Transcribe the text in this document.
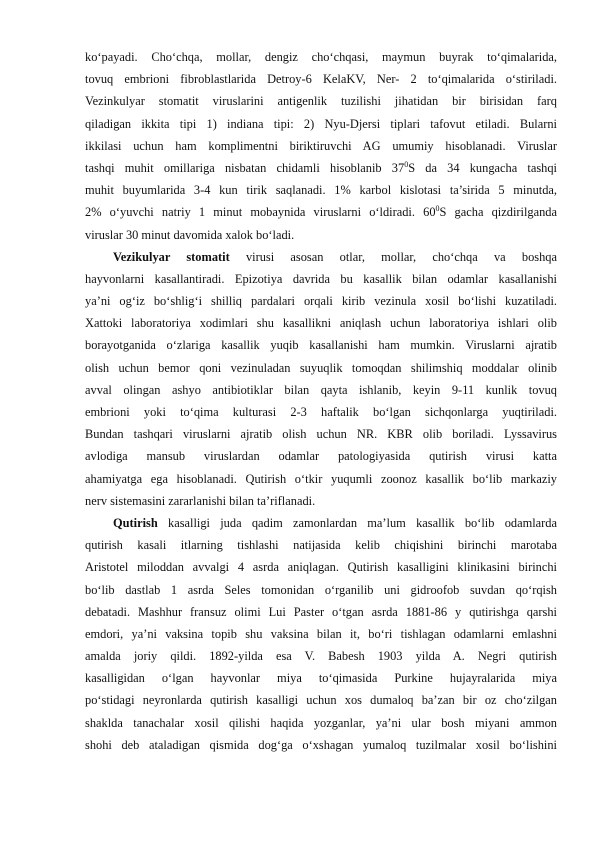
ko‘payadi. Cho‘chqa, mollar, dengiz cho‘chqasi, maymun buyrak to‘qimalarida,
tovuq embrioni fibroblastlarida Detroy-6 KelaKV, Ner- 2 to‘qimalarida o‘stiriladi.
Vezinkulyar stomatit viruslarini antigenlik tuzilishi jihatidan bir birisidan farq
qiladigan ikkita tipi 1) indiana tipi: 2) Nyu-Djersi tiplari tafovut etiladi. Bularni
ikkilasi uchun ham komplimentni biriktiruvchi AG umumiy hisoblanadi. Viruslar
tashqi muhit omillariga nisbatan chidamli hisoblanib $37^0S$ da 34 kungacha tashqi
muhit buyumlarida 3-4 kun tirik saqlanadi. 1% karbol kislotasi ta’sirida 5 minutda,
2% o‘yuvchi natriy 1 minut mobaynida viruslarni o‘ldiradi. $60^0S$ gacha qizdirilganda
viruslar 30 minut davomida xalok bo‘ladi.
Vezikulyar stomatit virusi asosan otlar, mollar, cho‘chqa va boshqa
hayvonlarni kasallantiradi. Epizotiya davrida bu kasallik bilan odamlar kasallanishi
ya’ni og‘iz bo‘shlig‘i shilliq pardalari orqali kirib vezinula xosil bo‘lishi kuzatiladi.
Xattoki laboratoriya xodimlari shu kasallikni aniqlash uchun laboratoriya ishlari olib
borayotganida o‘zlariga kasallik yuqib kasallanishi ham mumkin. Viruslarni ajratib
olish uchun bemor qoni vezinuladan suyuqlik tomoqdan shilimshiq moddalar olinib
avval olingan ashyo antibiotiklar bilan qayta ishlanib, keyin 9-11 kunlik tovuq
embrioni yoki to‘qima kulturasi 2-3 haftalik bo‘lgan sichqonlarga yuqtiriladi.
Bundan tashqari viruslarni ajratib olish uchun NR. KBR olib boriladi. Lyssavirus
avlodiga mansub viruslardan odamlar patologiyasida qutirish virusi katta
ahamiyatga ega hisoblanadi. Qutirish o‘tkir yuqumli zoonoz kasallik bo‘lib markaziy
nerv sistemasini zararlanishi bilan ta’riflanadi.
Qutirish kasalligi juda qadim zamonlardan ma’lum kasallik bo‘lib odamlarda
qutirish kasali itlarning tishlashi natijasida kelib chiqishini birinchi marotaba
Aristotel miloddan avvalgi 4 asrda aniqlagan. Qutirish kasalligini klinikasini birinchi
bo‘lib dastlab 1 asrda Seles tomonidan o‘rganilib uni gidroofob suvdan qo‘rqish
debatadi. Mashhur fransuz olimi Lui Paster o‘tgan asrda 1881-86 y qutirishga qarshi
emdori, ya’ni vaksina topib shu vaksina bilan it, bo‘ri tishlagan odamlarni emlashni
amalda joriy qildi. 1892-yilda esa V. Babesh 1903 yilda A. Negri qutirish
kasalligidan o‘lgan hayvonlar miya to‘qimasida Purkine hujayralarida miya
po‘stidagi neyronlarda qutirish kasalligi uchun xos dumaloq ba’zan bir oz cho‘zilgan
shaklda tanachalar xosil qilishi haqida yozganlar, ya’ni ular bosh miyani ammon
shohi deb ataladigan qismida dog‘ga o‘xshagan yumaloq tuzilmalar xosil bo‘lishini
